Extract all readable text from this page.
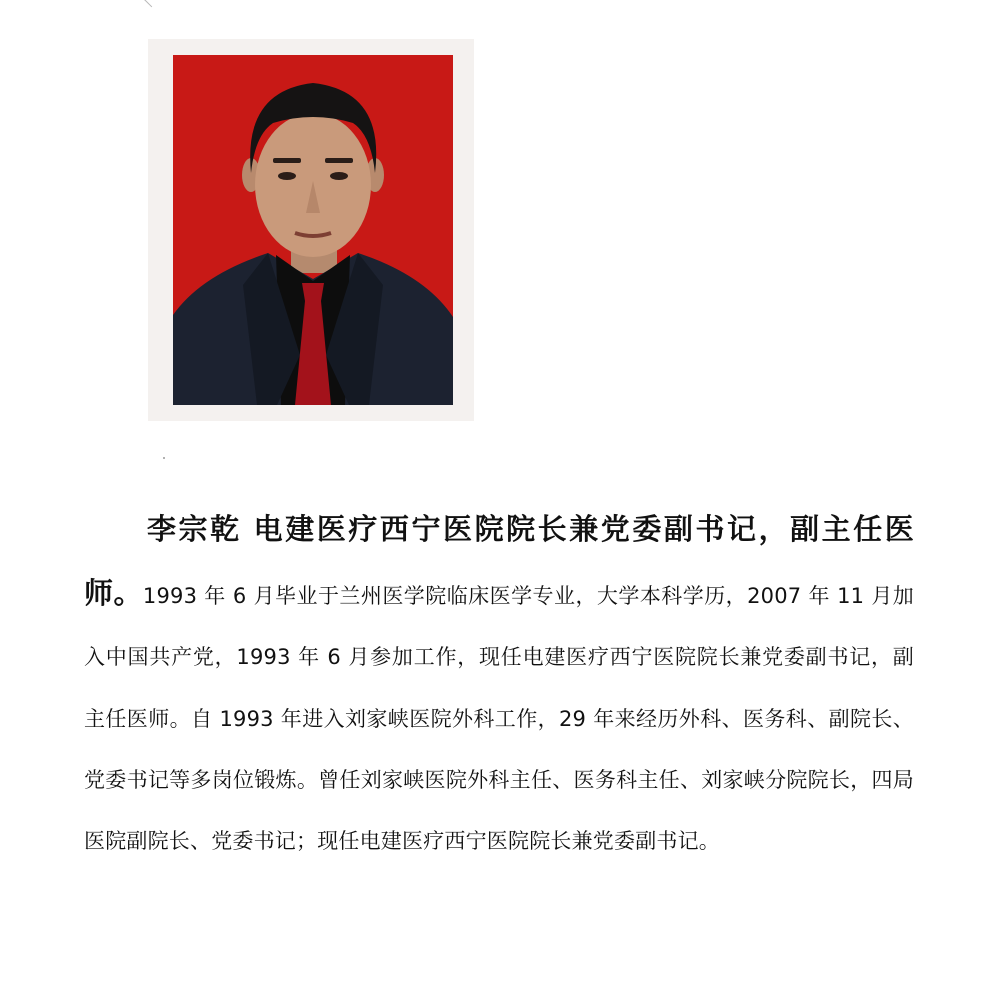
李宗乾 电建医疗西宁医院院长兼党委副书记，副主任医师。1993 年 6 月毕业于兰州医学院临床医学专业，大学本科学历，2007 年 11 月加入中国共产党，1993 年 6 月参加工作，现任电建医疗西宁医院院长兼党委副书记，副主任医师。自 1993 年进入刘家峡医院外科工作，29 年来经历外科、医务科、副院长、党委书记等多岗位锻炼。曾任刘家峡医院外科主任、医务科主任、刘家峡分院院长，四局医院副院长、党委书记；现任电建医疗西宁医院院长兼党委副书记。
